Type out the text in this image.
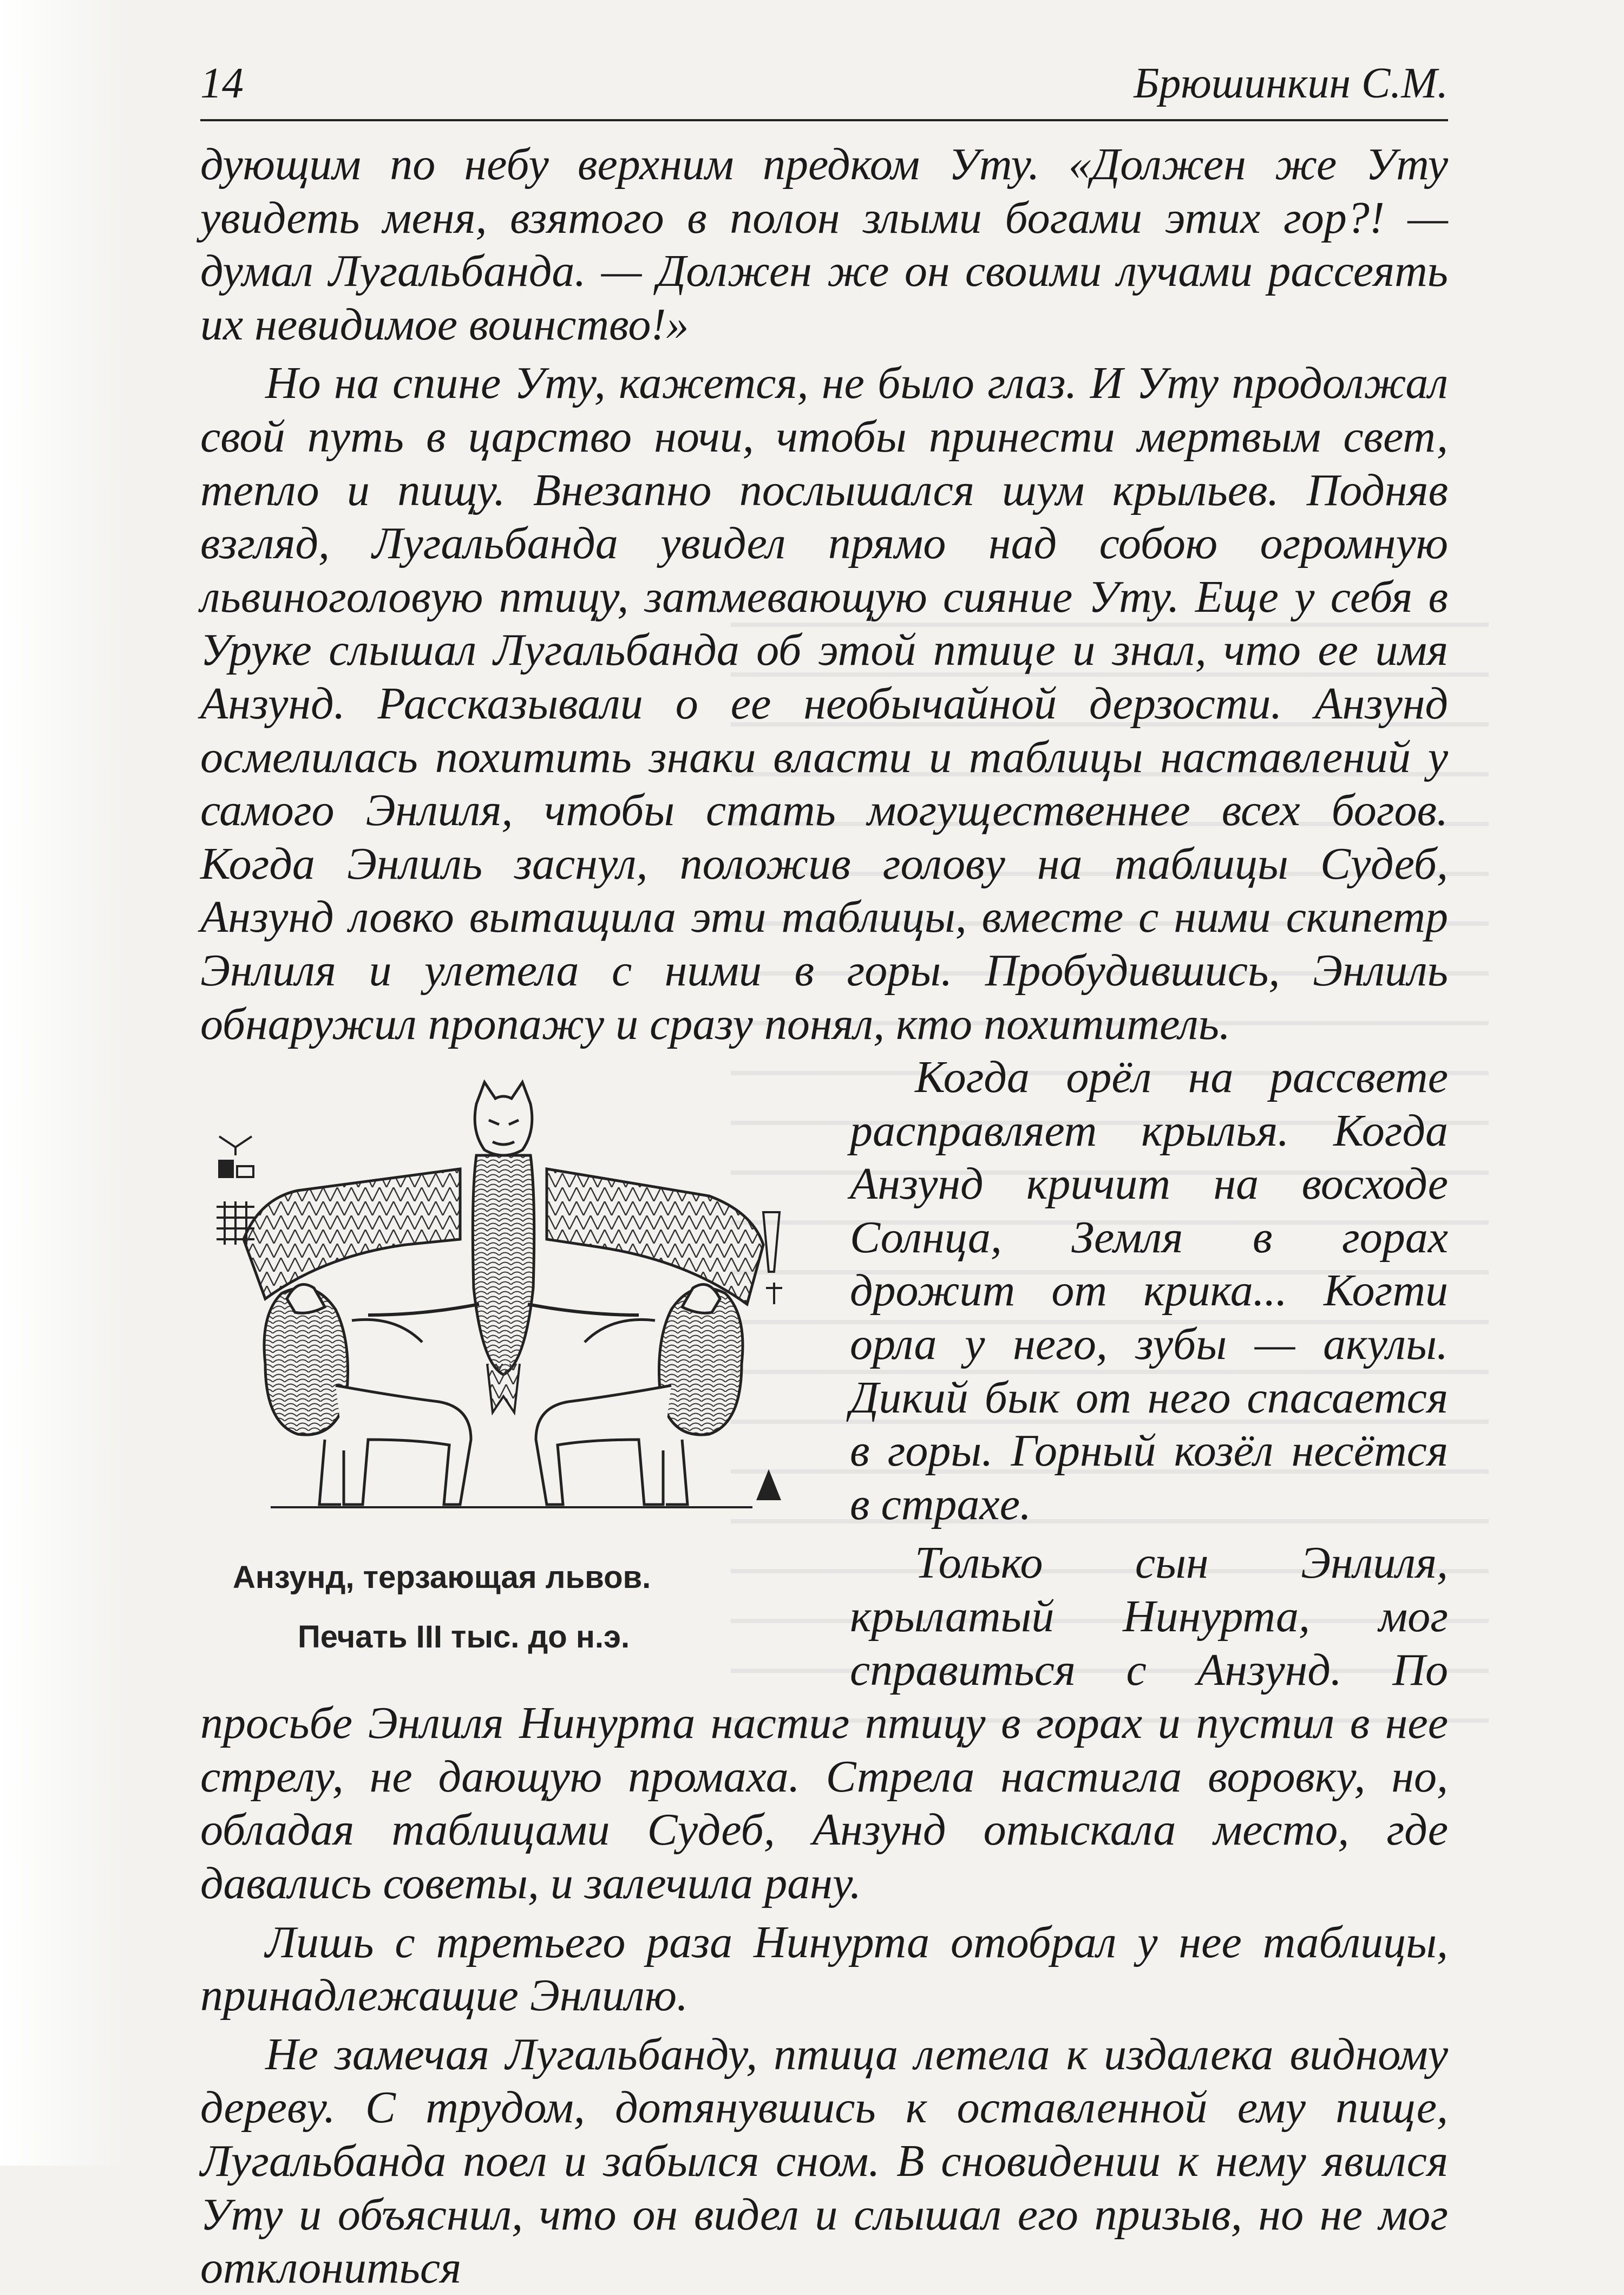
14	Брюшинкин С.М.

дующим по небу верхним предком Уту. «Должен же Уту увидеть меня, взятого в полон злыми богами этих гор?! — думал Лугальбанда. — Должен же он своими лучами рассеять их невидимое воинство!»

Но на спине Уту, кажется, не было глаз. И Уту продолжал свой путь в царство ночи, чтобы принести мертвым свет, тепло и пищу. Внезапно послышался шум крыльев. Подняв взгляд, Лугальбанда увидел прямо над собою огромную львиноголовую птицу, затмевающую сияние Уту. Еще у себя в Уруке слышал Лугальбанда об этой птице и знал, что ее имя Анзунд. Рассказывали о ее необычайной дерзости. Анзунд осмелилась похитить знаки власти и таблицы наставлений у самого Энлиля, чтобы стать могущественнее всех богов. Когда Энлиль заснул, положив голову на таблицы Судеб, Анзунд ловко вытащила эти таблицы, вместе с ними скипетр Энлиля и улетела с ними в горы. Пробудившись, Энлиль обнаружил пропажу и сразу понял, кто похититель.

Анзунд, терзающая львов.
Печать III тыс. до н.э.

Когда орёл на рассвете расправляет крылья. Когда Анзунд кричит на восходе Солнца, Земля в горах дрожит от крика... Когти орла у него, зубы — акулы. Дикий бык от него спасается в горы. Горный козёл несётся в страхе.

Только сын Энлиля, крылатый Нинурта, мог справиться с Анзунд. По просьбе Энлиля Нинурта настиг птицу в горах и пустил в нее стрелу, не дающую промаха. Стрела настигла воровку, но, обладая таблицами Судеб, Анзунд отыскала место, где давались советы, и залечила рану.

Лишь с третьего раза Нинурта отобрал у нее таблицы, принадлежащие Энлилю.

Не замечая Лугальбанду, птица летела к издалека видному дереву. С трудом, дотянувшись к оставленной ему пище, Лугальбанда поел и забылся сном. В сновидении к нему явился Уту и объяснил, что он видел и слышал его призыв, но не мог отклониться
